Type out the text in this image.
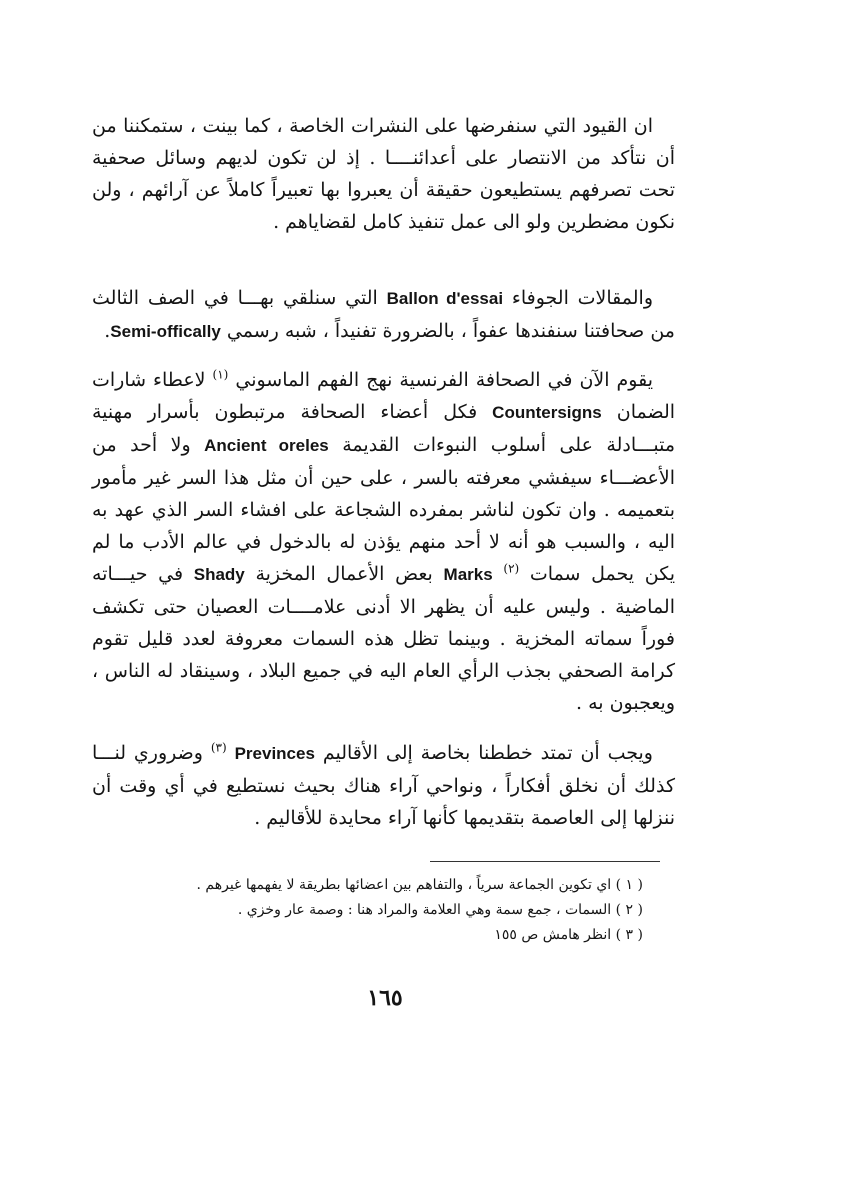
ان القيود التي سنفرضها على النشرات الخاصة ، كما بينت ، ستمكننا من أن نتأكد من الانتصار على أعدائنــــا . إذ لن تكون لديهم وسائل صحفية تحت تصرفهم يستطيعون حقيقة أن يعبروا بها تعبيراً كاملاً عن آرائهم ، ولن نكون مضطرين ولو الى عمل تنفيذ كامل لقضاياهم .

والمقالات الجوفاء Ballon d'essai التي سنلقي بهـــا في الصف الثالث من صحافتنا سنفندها عفواً ، بالضرورة تفنيداً ، شبه رسمي Semi-offically.

يقوم الآن في الصحافة الفرنسية نهج الفهم الماسوني $^{(١)}$ لاعطاء شارات الضمان Countersigns فكل أعضاء الصحافة مرتبطون بأسرار مهنية متبـــادلة على أسلوب النبوءات القديمة Ancient oreles ولا أحد من الأعضـــاء سيفشي معرفته بالسر ، على حين أن مثل هذا السر غير مأمور بتعميمه . وان تكون لناشر بمفرده الشجاعة على افشاء السر الذي عهد به اليه ، والسبب هو أنه لا أحد منهم يؤذن له بالدخول في عالم الأدب ما لم يكن يحمل سمات $^{(٢)}$ Marks بعض الأعمال المخزية Shady في حيـــاته الماضية . وليس عليه أن يظهر الا أدنى علامــــات العصيان حتى تكشف فوراً سماته المخزية . وبينما تظل هذه السمات معروفة لعدد قليل تقوم كرامة الصحفي بجذب الرأي العام اليه في جميع البلاد ، وسينقاد له الناس ، ويعجبون به .

ويجب أن تمتد خططنا بخاصة إلى الأقاليم Previnces $^{(٣)}$ وضروري لنـــا كذلك أن نخلق أفكاراً ، ونواحي آراء هناك بحيث نستطيع في أي وقت أن ننزلها إلى العاصمة بتقديمها كأنها آراء محايدة للأقاليم .

( ١ ) اي تكوين الجماعة سرياً ، والتفاهم بين اعضائها بطريقة لا يفهمها غيرهم .
( ٢ ) السمات ، جمع سمة وهي العلامة والمراد هنا : وصمة عار وخزي .
( ٣ ) انظر هامش ص ١٥٥
١٦٥
